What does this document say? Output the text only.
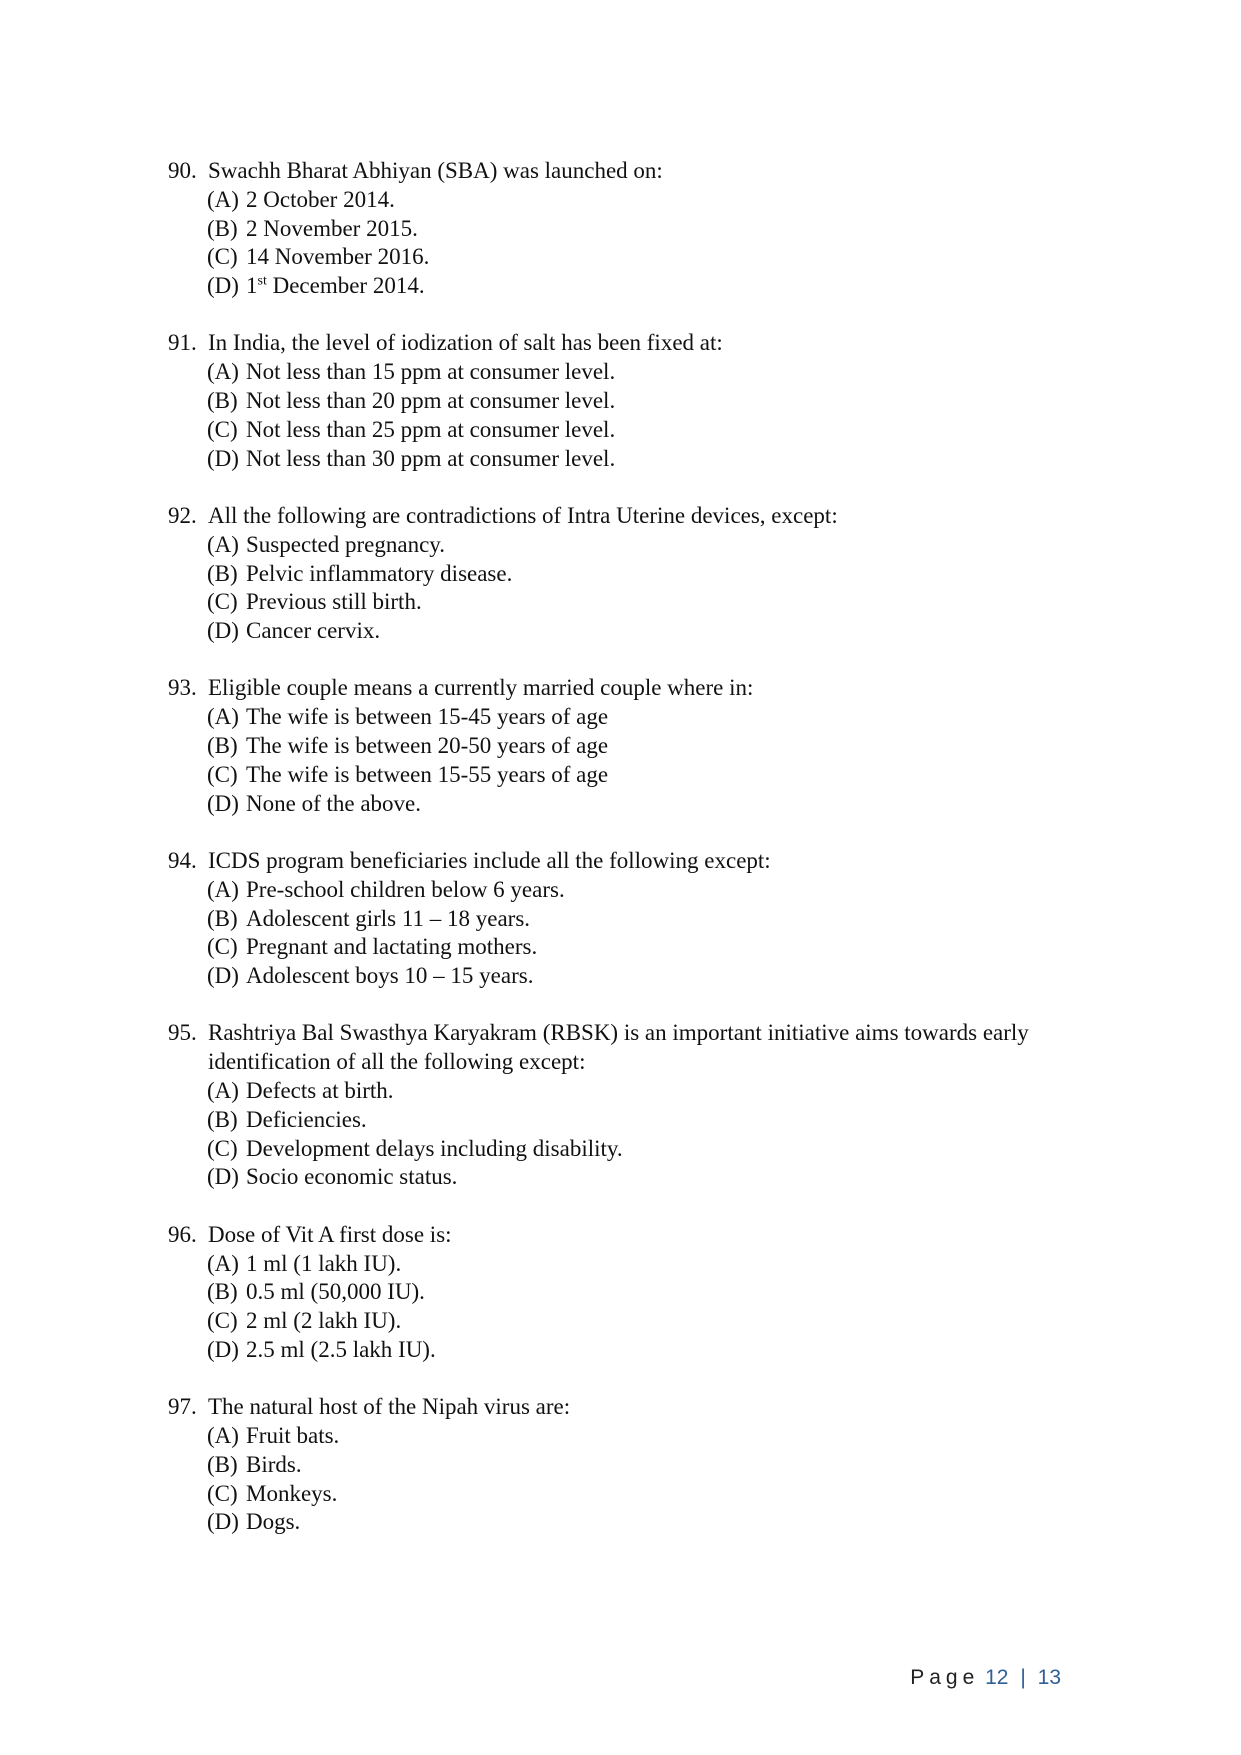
90. Swachh Bharat Abhiyan (SBA) was launched on:
(A) 2 October 2014.
(B) 2 November 2015.
(C) 14 November 2016.
(D) 1st December 2014.
91. In India, the level of iodization of salt has been fixed at:
(A) Not less than 15 ppm at consumer level.
(B) Not less than 20 ppm at consumer level.
(C) Not less than 25 ppm at consumer level.
(D) Not less than 30 ppm at consumer level.
92. All the following are contradictions of Intra Uterine devices, except:
(A) Suspected pregnancy.
(B) Pelvic inflammatory disease.
(C) Previous still birth.
(D) Cancer cervix.
93. Eligible couple means a currently married couple where in:
(A) The wife is between 15-45 years of age
(B) The wife is between 20-50 years of age
(C) The wife is between 15-55 years of age
(D) None of the above.
94. ICDS program beneficiaries include all the following except:
(A) Pre-school children below 6 years.
(B) Adolescent girls 11 – 18 years.
(C) Pregnant and lactating mothers.
(D) Adolescent boys 10 – 15 years.
95. Rashtriya Bal Swasthya Karyakram (RBSK) is an important initiative aims towards early identification of all the following except:
(A) Defects at birth.
(B) Deficiencies.
(C) Development delays including disability.
(D) Socio economic status.
96. Dose of Vit A first dose is:
(A) 1 ml (1 lakh IU).
(B) 0.5 ml (50,000 IU).
(C) 2 ml (2 lakh IU).
(D) 2.5 ml (2.5 lakh IU).
97. The natural host of the Nipah virus are:
(A) Fruit bats.
(B) Birds.
(C) Monkeys.
(D) Dogs.
Page 12 | 13
